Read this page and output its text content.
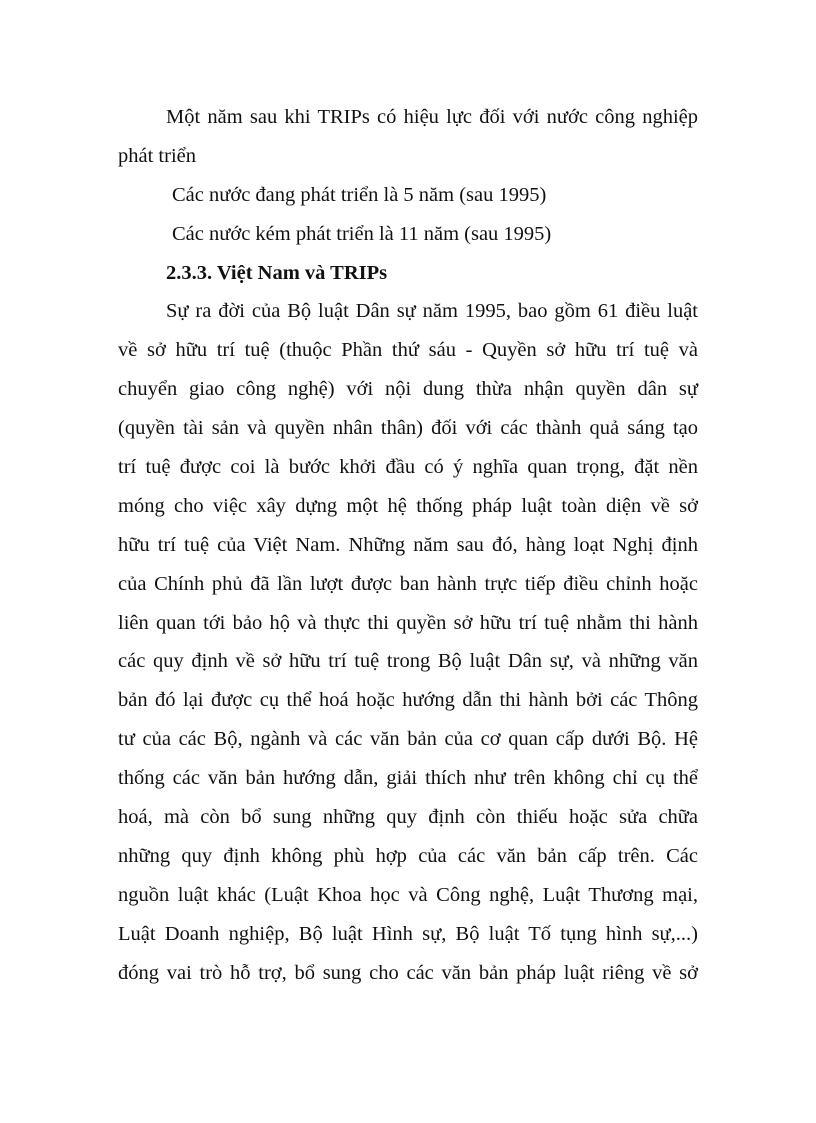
Một năm sau khi TRIPs có hiệu lực đối với nước công nghiệp
phát triển
Các nước đang phát triển là 5 năm (sau 1995)
Các nước kém phát triển là 11 năm (sau 1995)
2.3.3. Việt Nam và TRIPs
Sự ra đời của Bộ luật Dân sự năm 1995, bao gồm 61 điều luật
về sở hữu trí tuệ (thuộc Phần thứ sáu - Quyền sở hữu trí tuệ và
chuyển giao công nghệ) với nội dung thừa nhận quyền dân sự
(quyền tài sản và quyền nhân thân) đối với các thành quả sáng tạo
trí tuệ được coi là bước khởi đầu có ý nghĩa quan trọng, đặt nền
móng cho việc xây dựng một hệ thống pháp luật toàn diện về sở
hữu trí tuệ của Việt Nam. Những năm sau đó, hàng loạt Nghị định
của Chính phủ đã lần lượt được ban hành trực tiếp điều chỉnh hoặc
liên quan tới bảo hộ và thực thi quyền sở hữu trí tuệ nhằm thi hành
các quy định về sở hữu trí tuệ trong Bộ luật Dân sự, và những văn
bản đó lại được cụ thể hoá hoặc hướng dẫn thi hành bởi các Thông
tư của các Bộ, ngành và các văn bản của cơ quan cấp dưới Bộ. Hệ
thống các văn bản hướng dẫn, giải thích như trên không chỉ cụ thể
hoá, mà còn bổ sung những quy định còn thiếu hoặc sửa chữa
những quy định không phù hợp của các văn bản cấp trên. Các
nguồn luật khác (Luật Khoa học và Công nghệ, Luật Thương mại,
Luật Doanh nghiệp, Bộ luật Hình sự, Bộ luật Tố tụng hình sự,...)
đóng vai trò hỗ trợ, bổ sung cho các văn bản pháp luật riêng về sở
